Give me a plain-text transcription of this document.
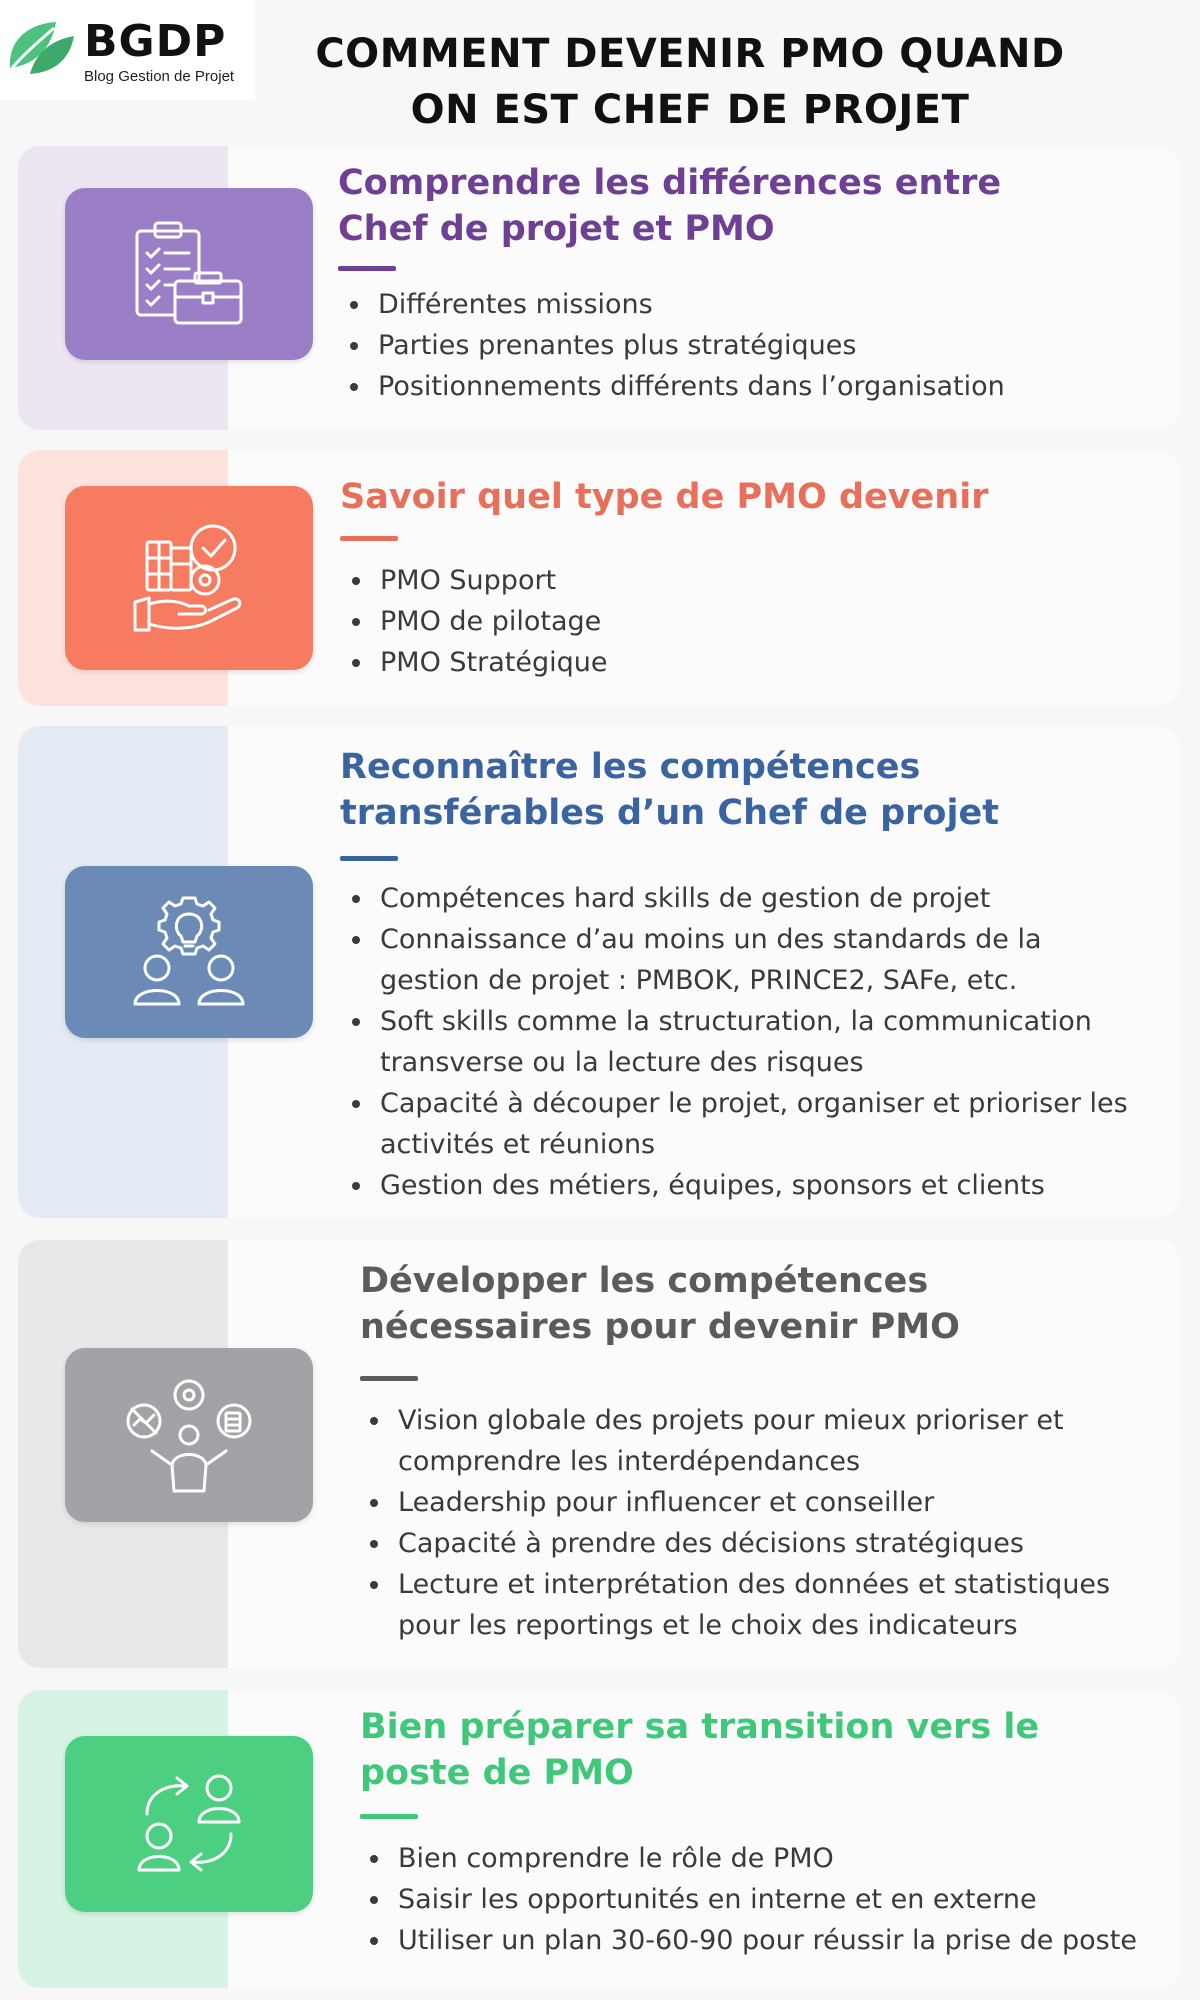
BGDP
Blog Gestion de Projet	COMMENT DEVENIR PMO QUAND
ON EST CHEF DE PROJET
Comprendre les différences entre
Chef de projet et PMO
Différentes missions
Parties prenantes plus stratégiques
Positionnements différents dans l’organisation
Savoir quel type de PMO devenir
PMO Support
PMO de pilotage
PMO Stratégique
Reconnaître les compétences
transférables d’un Chef de projet
Compétences hard skills de gestion de projet
Connaissance d’au moins un des standards de la
gestion de projet : PMBOK, PRINCE2, SAFe, etc.
Soft skills comme la structuration, la communication
transverse ou la lecture des risques
Capacité à découper le projet, organiser et prioriser les
activités et réunions
Gestion des métiers, équipes, sponsors et clients
Développer les compétences
nécessaires pour devenir PMO
Vision globale des projets pour mieux prioriser et
comprendre les interdépendances
Leadership pour influencer et conseiller
Capacité à prendre des décisions stratégiques
Lecture et interprétation des données et statistiques
pour les reportings et le choix des indicateurs
Bien préparer sa transition vers le
poste de PMO
Bien comprendre le rôle de PMO
Saisir les opportunités en interne et en externe
Utiliser un plan 30-60-90 pour réussir la prise de poste
